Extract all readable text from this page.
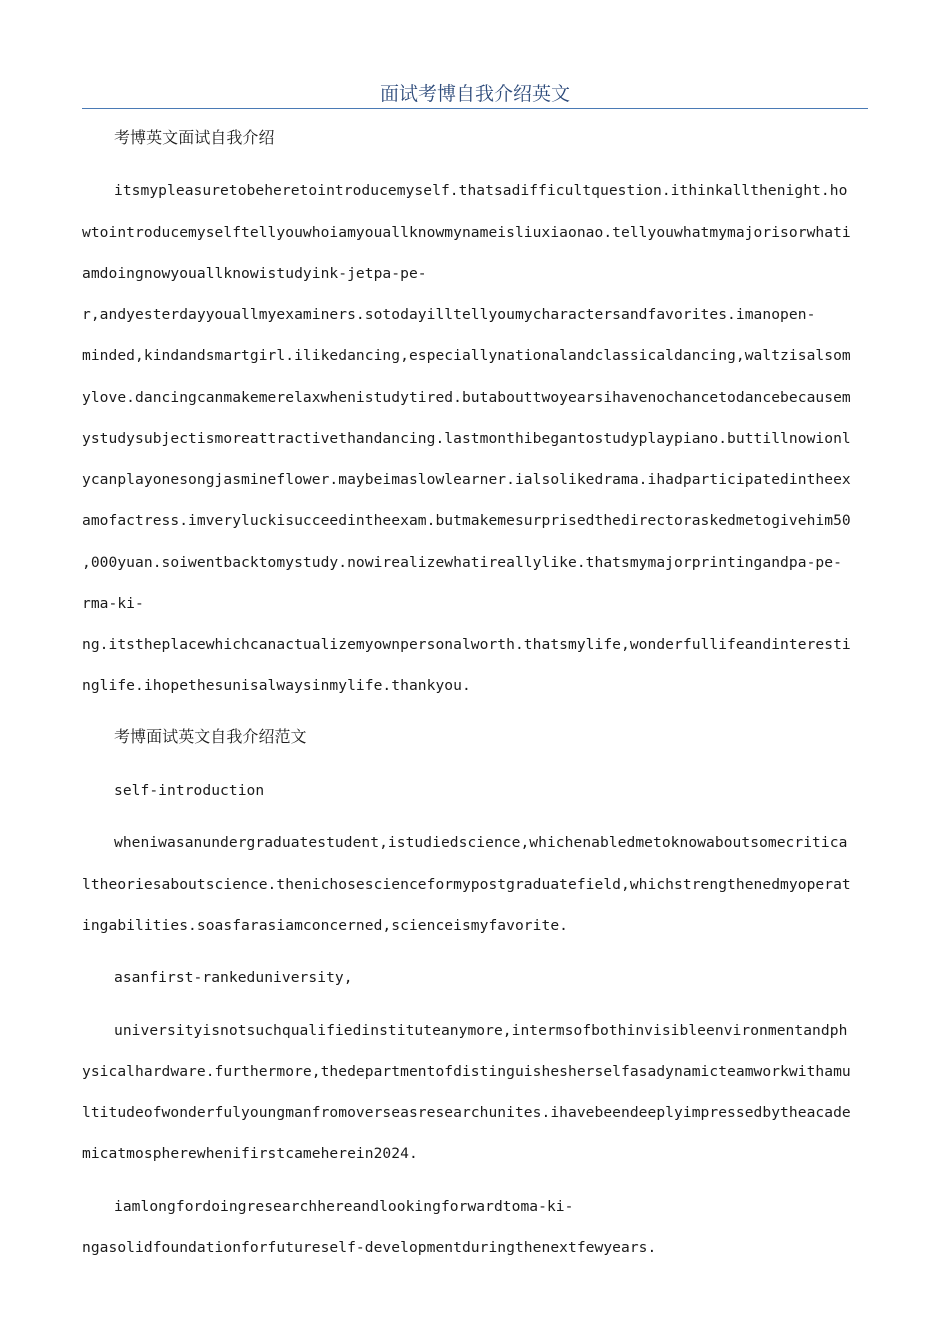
面试考博自我介绍英文
考博英文面试自我介绍
itsmypleasuretobeheretointroducemyself.thatsadifficultquestion.ithinkallthenight.ho
wtointroducemyselftellyouwhoiamyouallknowmynameisliuxiaonao.tellyouwhatmymajorisorwhati
amdoingnowyouallknowistudyink-jetpa-pe-
r,andyesterdayyouallmyexaminers.sotodayilltellyoumycharactersandfavorites.imanopen-
minded,kindandsmartgirl.ilikedancing,especiallynationalandclassicaldancing,waltzisalsom
ylove.dancingcanmakemerelaxwhenistudytired.butabouttwoyearsihavenochancetodancebecausem
ystudysubjectismoreattractivethandancing.lastmonthibegantostudyplaypiano.buttillnowionl
ycanplayonesongjasmineflower.maybeimaslowlearner.ialsolikedrama.ihadparticipatedintheex
amofactress.imveryluckisucceedintheexam.butmakemesurprisedthedirectoraskedmetogivehim50
,000yuan.soiwentbacktomystudy.nowirealizewhatireallylike.thatsmymajorprintingandpa-pe-
rma-ki-
ng.itstheplacewhichcanactualizemyownpersonalworth.thatsmylife,wonderfullifeandinteresti
nglife.ihopethesunisalwaysinmylife.thankyou.
考博面试英文自我介绍范文
self-introduction
wheniwasanundergraduatestudent,istudiedscience,whichenabledmetoknowaboutsomecritica
ltheoriesaboutscience.thenichosescienceformypostgraduatefield,whichstrengthenedmyoperat
ingabilities.soasfarasiamconcerned,scienceismyfavorite.
asanfirst-rankeduniversity,
universityisnotsuchqualifiedinstituteanymore,intermsofbothinvisibleenvironmentandph
ysicalhardware.furthermore,thedepartmentofdistinguishesherselfasadynamicteamworkwithamu
ltitudeofwonderfulyoungmanfromoverseasresearchunites.ihavebeendeeplyimpressedbytheacade
micatmospherewhenifirstcameherein2024.
iamlongfordoingresearchhereandlookingforwardtoma-ki-
ngasolidfoundationforfutureself-developmentduringthenextfewyears.
